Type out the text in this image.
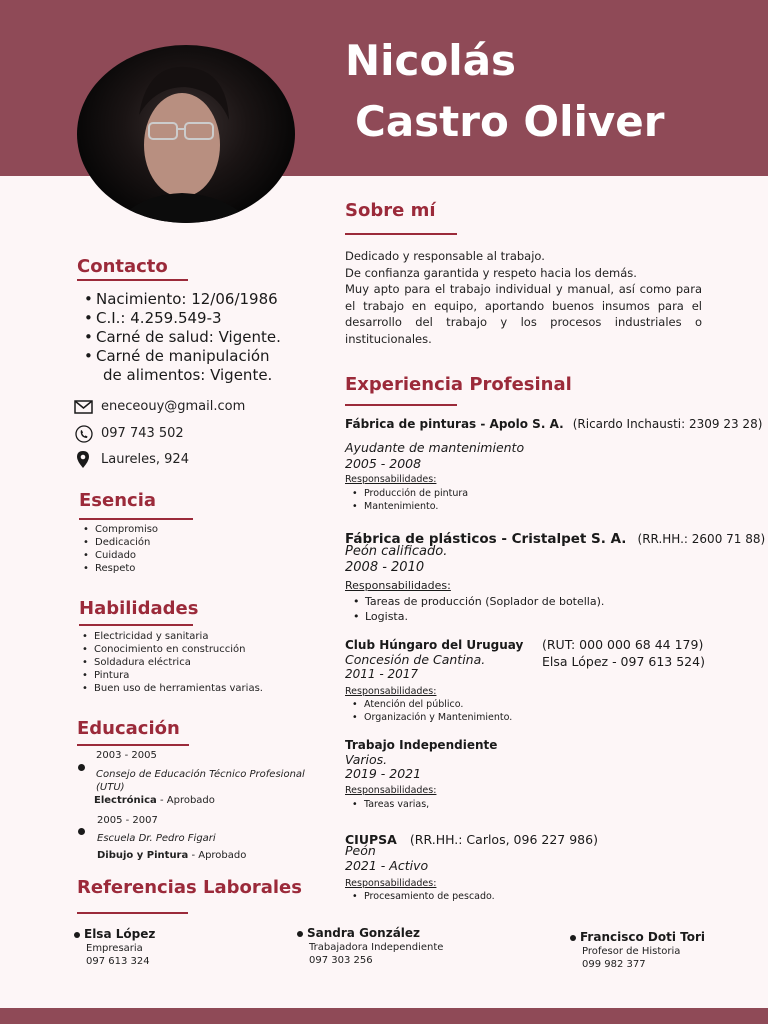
Nicolás
Castro Oliver
Contacto
• Nacimiento: 12/06/1986
• C.I.: 4.259.549-3
• Carné de salud: Vigente.
• Carné de manipulación
de alimentos: Vigente.
eneceouy@gmail.com
097 743 502
Laureles, 924
Esencia
• Compromiso
• Dedicación
• Cuidado
• Respeto
Habilidades
• Electricidad y sanitaria
• Conocimiento en construcción
• Soldadura eléctrica
• Pintura
• Buen uso de herramientas varias.
Educación
2003 - 2005
Consejo de Educación Técnico Profesional (UTU)
Electrónica - Aprobado
2005 - 2007
Escuela Dr. Pedro Figari
Dibujo y Pintura - Aprobado
Referencias Laborales
Elsa López
Empresaria
097 613 324
Sandra González
Trabajadora Independiente
097 303 256
Francisco Doti Tori
Profesor de Historia
099 982 377
Sobre mí
Dedicado y responsable al trabajo.
De confianza garantida y respeto hacia los demás.
Muy apto para el trabajo individual y manual, así como para el trabajo en equipo, aportando buenos insumos para el desarrollo del trabajo y los procesos industriales o institucionales.
Experiencia Profesinal
Fábrica de pinturas - Apolo S. A. (Ricardo Inchausti: 2309 23 28)
Ayudante de mantenimiento
2005 - 2008
Responsabilidades:
• Producción de pintura
• Mantenimiento.
Fábrica de plásticos - Cristalpet S. A. (RR.HH.: 2600 71 88)
Peón calificado.
2008 - 2010
Responsabilidades:
• Tareas de producción (Soplador de botella).
• Logista.
Club Húngaro del Uruguay (RUT: 000 000 68 44 179)
Elsa López - 097 613 524)
Concesión de Cantina.
2011 - 2017
Responsabilidades:
• Atención del público.
• Organización y Mantenimiento.
Trabajo Independiente
Varios.
2019 - 2021
Responsabilidades:
• Tareas varias,
CIUPSA (RR.HH.: Carlos, 096 227 986)
Peón
2021 - Activo
Responsabilidades:
• Procesamiento de pescado.
